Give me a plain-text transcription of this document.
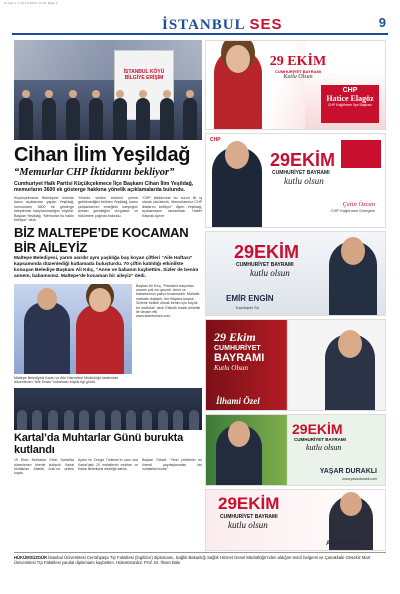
9l.qxd 1 1 19.10.2021 11:01 Page 1
İSTANBUL SES	9
İSTANBUL KÖYÜ BİLGİYE ERİŞİM
Cihan İlim Yeşildağ
“Memurlar CHP İktidarını bekliyor”

Cumhuriyet Halk Partisi Küçükçekmece İlçe Başkanı Cihan İlim Yeşildağ, memurların 3600 ek gösterge hakkına yönelik açıklamalarda bulundu.

Küçükçekmece Belediyesi önünde basın açıklaması yapan Yeşildağ, memurların 3600 ek gösterge taleplerinin karşılanmadığını söyledi. Başkan Yeşildağ, “Memurlar bu hakkı bekliyor” dedi.

Yıllardır verilen sözlerin yerine getirilmediğini belirten Yeşildağ, kamu çalışanlarının emeğinin karşılığını alması gerektiğini vurguladı ve hükümete çağrıda bulundu.

“CHP iktidarında bu sorun ilk iş olarak çözülecek. Memurlarımız CHP iktidarını bekliyor” diyen Yeşildağ, açıklamasını tamamladı. Haber Kaynak Ayrım

BİZ MALTEPE’DE KOCAMAN BİR AİLEYİZ

Maltepe Belediyesi, yarım asırdır aynı yaşlılığa baş koyan çiftleri “Aile Haftası” kapsamında düzenlediği kutlamada buluşturdu. 70 çiftin katıldığı etkinlikte konuşan Belediye Başkanı Ali Kılıç, “Anne ve babanın kaybettim. Sizler de benim annem, babamsınız. Maltepe’de kocaman bir aileyiz” dedi.

Maltepe Belediyesi Kadın ve Aile Hizmetleri Müdürlüğü tarafından düzenlenen “Aile Dostu” kutlaması büyük ilgi gördü.

Başkan Ali Kılıç, “Pandemi başından zaman çok zor geçirdi. Anne ve babalarımızı yalnız bırakmadık. Mahalle mahalle dolaştık, her ihtiyaca koştuk. Sizlerle birlikte olmak benim için büyük bir mutluluk” dedi. Etkinlik müzik dinletisi ile devam etti.

www.istanbulses.com

Kartal’da Muhtarlar Günü burukta kutlandı

19 Ekim Muhtarlar Günü Kartal’da düzenlenen törenle kutlandı. Kartal Muhtarları Atatürk Anıtı’na çelenk koydu.

Aydın ve Cengiz Türkmen’in yanı sıra Kartal’daki 20 mahallenin muhtarı ve Kartal Belediyesi etkinliğe katıldı.

Başkan Yüksel: “Yerel yönetimin en önemli paydaşlarından biri muhtarlarımızdır”

29 EKİM
CUMHURİYET BAYRAMI
Kutlu Olsun
CHP
Hatice Elagöz
CHP Kağıthane İlçe Başkanı
CHP
29EKİM
CUMHURİYET BAYRAMI
kutlu olsun
Çetin Özcan
CHP Kağıthane Delegesi
29EKİM
CUMHURİYET BAYRAMI
kutlu olsun
EMİR ENGİN
Kardeşler Su
29 Ekim
CUMHURİYET
BAYRAMI
Kutlu Olsun
İlhami Özel
29EKİM
CUMHURİYET BAYRAMI
kutlu olsun
YAŞAR DURAKLI
www.yasardurakli.com
29EKİM
CUMHURİYET BAYRAMI
kutlu olsun
AKAN YİĞİT
HÜKÜMSÜZDÜR İstanbul Üniversitesi Cerrahpaşa Tıp Fakültesi (İngilizce) diplomamı, Sağlık Bakanlığı Sağlık Hizmet Genel Müdürlüğü’nden aldığım tescil belgemi ve Çanakkale Onsekiz Mart Üniversitesi Tıp Fakültesi yandal diplomamı kaybettim. Hükümsüzdür. Prof. Dr. İhsan Bakı
